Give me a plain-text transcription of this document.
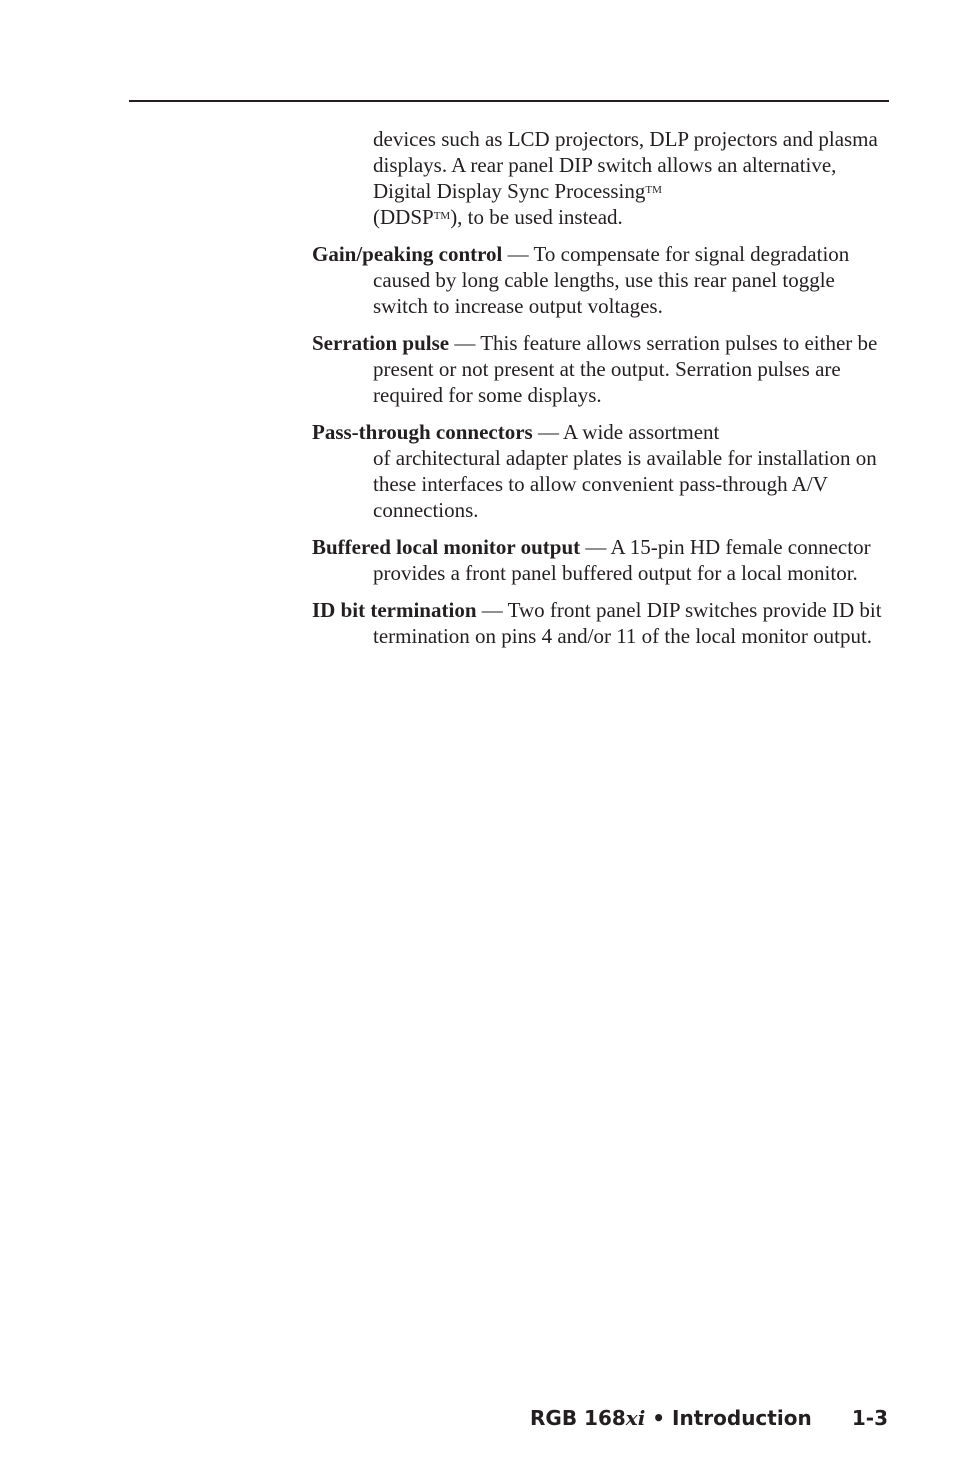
devices such as LCD projectors, DLP projectors and plasma displays. A rear panel DIP switch allows an alternative, Digital Display Sync Processing™
(DDSP™), to be used instead.

Gain/peaking control — To compensate for signal degradation caused by long cable lengths, use this rear panel toggle switch to increase output voltages.

Serration pulse — This feature allows serration pulses to either be present or not present at the output. Serration pulses are required for some displays.

Pass-through connectors — A wide assortment
of architectural adapter plates is available for installation on these interfaces to allow convenient pass-through A/V connections.

Buffered local monitor output — A 15-pin HD female connector provides a front panel buffered output for a local monitor.

ID bit termination — Two front panel DIP switches provide ID bit termination on pins 4 and/or 11 of the local monitor output.

RGB 168xi • Introduction 1-3
